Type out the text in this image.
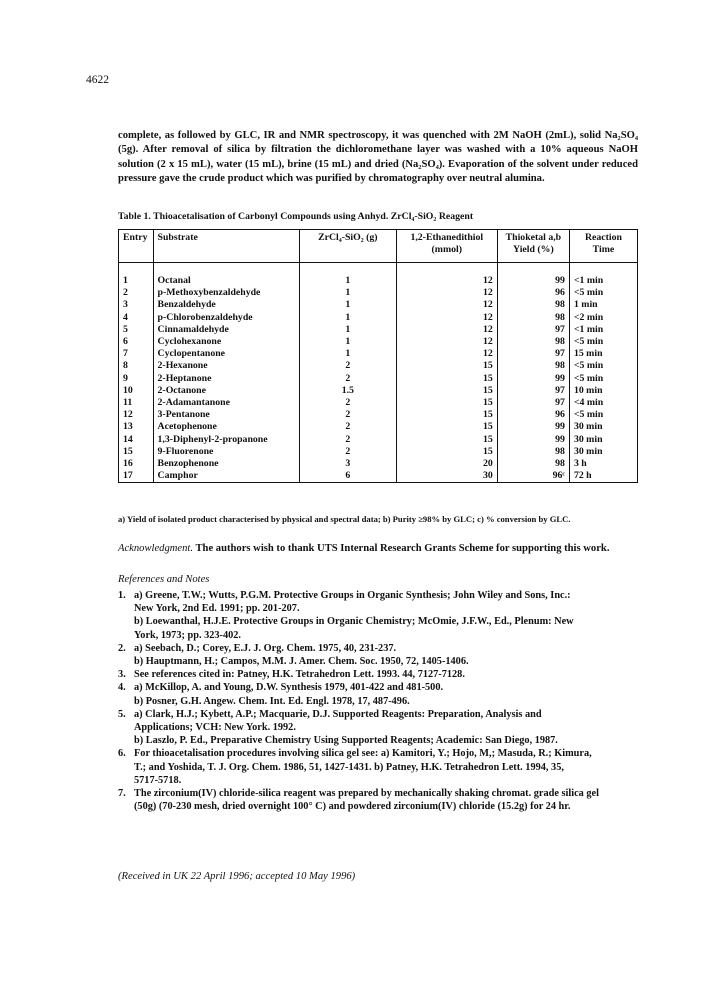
4622

complete, as followed by GLC, IR and NMR spectroscopy, it was quenched with 2M NaOH (2mL), solid Na₂SO₄ (5g). After removal of silica by filtration the dichloromethane layer was washed with a 10% aqueous NaOH solution (2 x 15 mL), water (15 mL), brine (15 mL) and dried (Na₂SO₄). Evaporation of the solvent under reduced pressure gave the crude product which was purified by chromatography over neutral alumina.

Table 1. Thioacetalisation of Carbonyl Compounds using Anhyd. ZrCl₄-SiO₂ Reagent

Entry	Substrate	ZrCl₄-SiO₂ (g)	1,2-Ethanedithiol (mmol)	Thioketal a,b Yield (%)	Reaction Time

1	Octanal	1	12	99	<1 min
2	p-Methoxybenzaldehyde	1	12	96	<5 min
3	Benzaldehyde	1	12	98	1 min
4	p-Chlorobenzaldehyde	1	12	98	<2 min
5	Cinnamaldehyde	1	12	97	<1 min
6	Cyclohexanone	1	12	98	<5 min
7	Cyclopentanone	1	12	97	15 min
8	2-Hexanone	2	15	98	<5 min
9	2-Heptanone	2	15	99	<5 min
10	2-Octanone	1.5	15	97	10 min
11	2-Adamantanone	2	15	97	<4 min
12	3-Pentanone	2	15	96	<5 min
13	Acetophenone	2	15	99	30 min
14	1,3-Diphenyl-2-propanone	2	15	99	30 min
15	9-Fluorenone	2	15	98	30 min
16	Benzophenone	3	20	98	3 h
17	Camphor	6	30	96ᶜ	72 h

a) Yield of isolated product characterised by physical and spectral data; b) Purity ≥98% by GLC; c) % conversion by GLC.

Acknowledgment. The authors wish to thank UTS Internal Research Grants Scheme for supporting this work.

References and Notes

1. a) Greene, T.W.; Wutts, P.G.M. Protective Groups in Organic Synthesis; John Wiley and Sons, Inc.:
New York, 2nd Ed. 1991; pp. 201-207.
b) Loewanthal, H.J.E. Protective Groups in Organic Chemistry; McOmie, J.F.W., Ed., Plenum: New
York, 1973; pp. 323-402.
2. a) Seebach, D.; Corey, E.J. J. Org. Chem. 1975, 40, 231-237.
b) Hauptmann, H.; Campos, M.M. J. Amer. Chem. Soc. 1950, 72, 1405-1406.
3. See references cited in: Patney, H.K. Tetrahedron Lett. 1993. 44, 7127-7128.
4. a) McKillop, A. and Young, D.W. Synthesis 1979, 401-422 and 481-500.
b) Posner, G.H. Angew. Chem. Int. Ed. Engl. 1978, 17, 487-496.
5. a) Clark, H.J.; Kybett, A.P.; Macquarie, D.J. Supported Reagents: Preparation, Analysis and
Applications; VCH: New York. 1992.
b) Laszlo, P. Ed., Preparative Chemistry Using Supported Reagents; Academic: San Diego, 1987.
6. For thioacetalisation procedures involving silica gel see: a) Kamitori, Y.; Hojo, M,; Masuda, R.; Kimura,
T.; and Yoshida, T. J. Org. Chem. 1986, 51, 1427-1431. b) Patney, H.K. Tetrahedron Lett. 1994, 35,
5717-5718.
7. The zirconium(IV) chloride-silica reagent was prepared by mechanically shaking chromat. grade silica gel
(50g) (70-230 mesh, dried overnight 100° C) and powdered zirconium(IV) chloride (15.2g) for 24 hr.

(Received in UK 22 April 1996; accepted 10 May 1996)
